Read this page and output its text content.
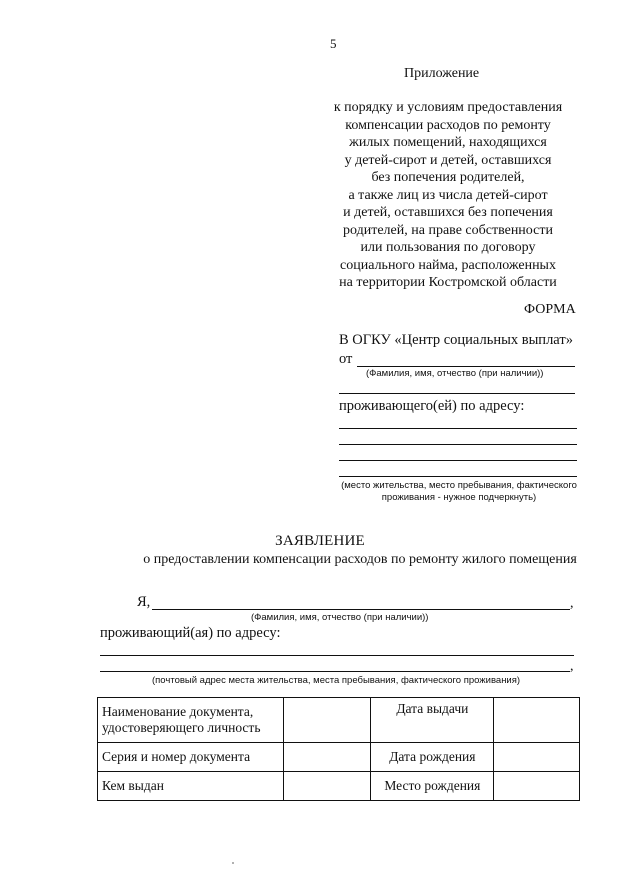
5
Приложение
к порядку и условиям предоставления
компенсации расходов по ремонту
жилых помещений, находящихся
у детей-сирот и детей, оставшихся
без попечения родителей,
а также лиц из числа детей-сирот
и детей, оставшихся без попечения
родителей, на праве собственности
или пользования по договору
социального найма, расположенных
на территории Костромской области
ФОРМА
В ОГКУ «Центр социальных выплат»
от
(Фамилия, имя, отчество (при наличии))
проживающего(ей) по адресу:
(место жительства, место пребывания, фактического проживания - нужное подчеркнуть)
ЗАЯВЛЕНИЕ
о предоставлении компенсации расходов по ремонту жилого помещения
Я,	,
(Фамилия, имя, отчество (при наличии))
проживающий(ая) по адресу:
,
(почтовый адрес места жительства, места пребывания, фактического проживания)
Наименование документа, удостоверяющего личность		Дата выдачи	
Серия и номер документа		Дата рождения	
Кем выдан		Место рождения	
